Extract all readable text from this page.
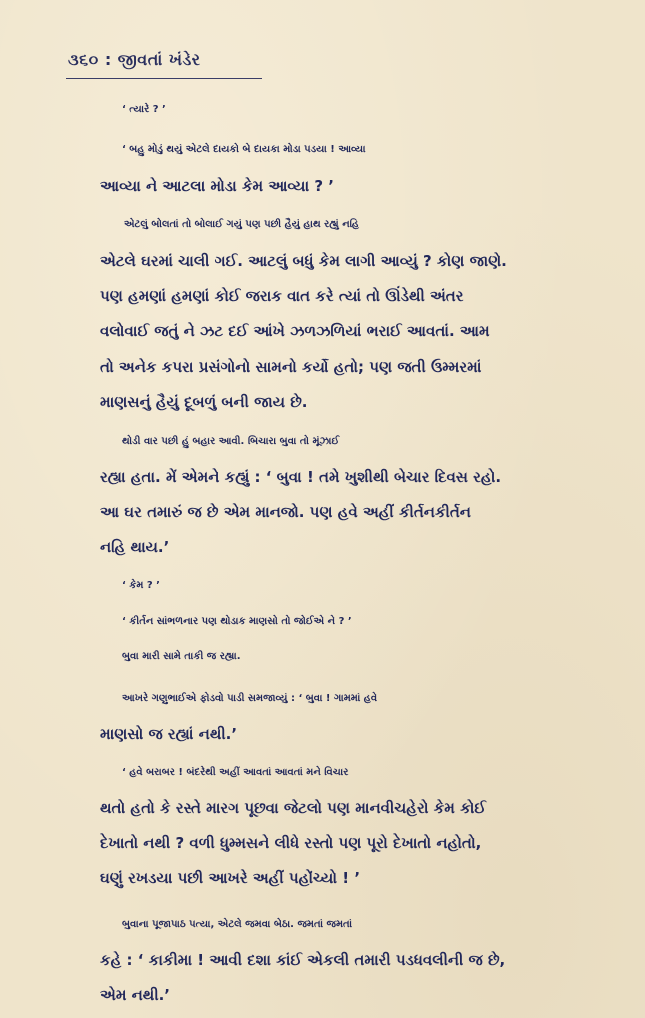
૩૬૦ : જીવતાં ખંડેર
‘ ત્યારે ? ’
‘ બહુ મોડું થયું એટલે દાયકો બે દાયકા મોડા પડયા ! આવ્યા
આવ્યા ને આટલા મોડા કેમ આવ્યા ? ’
એટલું બોલતાં તો બોલાઈ ગયું પણ પછી હૈયું હાથ રહ્યું નહિ
એટલે ઘરમાં ચાલી ગઈ. આટલું બધું કેમ લાગી આવ્યું ? કોણ જાણે.
પણ હમણાં હમણાં કોઈ જરાક વાત કરે ત્યાં તો ઊંડેથી અંતર
વલોવાઈ જતું ને ઝટ દઈ આંખે ઝળઝળિયાં ભરાઈ આવતાં. આમ
તો અનેક કપરા પ્રસંગોનો સામનો કર્યો હતો; પણ જતી ઉમ્મરમાં
માણસનું હૈયું દૂબળું બની જાય છે.
થોડી વાર પછી હું બહાર આવી. બિચારા બુવા તો મૂંઝાઈ
રહ્યા હતા. મેં એમને કહ્યું : ‘ બુવા ! તમે ખુશીથી બેચાર દિવસ રહો.
આ ઘર તમારું જ છે એમ માનજો. પણ હવે અહીં કીર્તનકીર્તન
નહિ થાય.’
‘ કેમ ? ’
‘ કીર્તન સાંભળનાર પણ થોડાક માણસો તો જોઈએ ને ? ’
બુવા મારી સામે તાકી જ રહ્યા.
આખરે ગણુભાઈએ ફોડવો પાડી સમજાવ્યું : ‘ બુવા ! ગામમાં હવે
માણસો જ રહ્યાં નથી.’
‘ હવે બરાબર ! બંદરેથી અહીં આવતાં આવતાં મને વિચાર
થતો હતો કે રસ્તે મારગ પૂછવા જેટલો પણ માનવીચહેરો કેમ કોઈ
દેખાતો નથી ? વળી ધુમ્મસને લીધે રસ્તો પણ પૂરો દેખાતો નહોતો,
ઘણું રખડયા પછી આખરે અહીં પહોંચ્યો ! ’
બુવાના પૂજાપાઠ પત્યા, એટલે જમવા બેઠા. જમતાં જમતાં
કહે : ‘ કાકીમા ! આવી દશા કાંઈ એકલી તમારી પડધવલીની જ છે,
એમ નથી.’
